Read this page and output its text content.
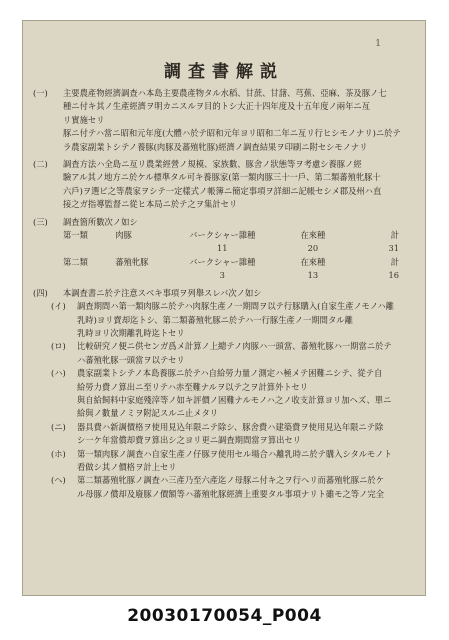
1
調査書解説
(一) 主要農產物經濟調查ハ本島主要農產物タル水稻、甘蔗、甘藷、芎蕉、亞麻、茶及豚ノ七
種ニ付キ其ノ生產經濟ヲ明カニスルヲ目的トシ大正十四年度及十五年度ノ兩年ニ亙
リ實施セリ
豚ニ付テハ當ニ昭和元年度(大體ハ於テ昭和元年ヨリ昭和二年ニ亙リ行ヒシモノナリ)ニ於テ
ラ農家副業トシテノ養豚(肉豚及蕃殖牝豚)經濟ノ調査結果ヲ印刷ニ附セシモノナリ
(二) 調査方法ハ全島ニ亙リ農業經營ノ規模、家族數、豚舍ノ狀態等ヲ考慮シ養豚ノ經
驗アル其ノ地方ニ於ケル標準タル可キ養豚家(第一類肉豚三十一戶、第二類蕃殖牝豚十
六戶)ヲ選ビ之等農家ヲシテ一定樣式ノ帳簿ニ簡定事項ヲ詳細ニ記帳セシメ郡及州ハ直
接之ガ指導監督ニ從ヒ本局ニ於テ之ヲ集計セリ
(三) 調査箇所數次ノ如シ
第一類	肉豚	バークシャー雜種	在來種	計
		11	20	31
第二類	蕃殖牝豚	バークシャー雜種	在來種	計
		3	13	16
(四) 本調査書ニ於テ注意スベキ事項ヲ列舉スレバ次ノ如シ
(イ) 調査期間ハ第一類肉豚ニ於テハ肉豚生產ノ一期間ヲ以テ行豚購入(自家生產ノモノハ離
乳時)ヨリ賣却迄トシ、第二類蕃殖牝豚ニ於テハ一行豚生產ノ一期間タル離
乳時ヨリ次期離乳時迄トセリ
(ロ) 比較研究ノ便ニ供センガ爲メ計算ノ上總テノ肉豚ハ一頭當、蕃殖牝豚ハ一期當ニ於テ
ハ蕃殖牝豚一頭當ヲ以テセリ
(ハ) 農家副業トシテノ本島養豚ニ於テハ自給勞力量ノ測定ハ極メテ困難ニシテ、從テ自
給勞力費ノ算出ニ至リテハ赤至難ナルヲ以テ之ヲ計算外トセリ
與自給飼料中家庭殘滓等ノ如キ評價ノ困難ナルモノハ之ノ收支計算ヨリ加ヘズ、單ニ
給與ノ數量ノミヲ附記スルニ止メタリ
(ニ) 器具費ハ新調價格ヲ使用見込年限ニテ除シ、豚舍費ハ建築費ヲ使用見込年限ニテ除
シ一ケ年當償却費ヲ算出シ之ヨリ更ニ調査期間當ヲ算出セリ
(ホ) 第一類肉豚ノ調査ハ自家生產ノ仔豚ヲ使用セル場合ハ離乳時ニ於テ購入シタルモノト
看做シ其ノ價格ヲ計上セリ
(ヘ) 第二類蕃殖牝豚ノ調査ハ三產乃至六產迄ノ母豚ニ付キ之ヲ行ヘリ而蕃殖牝豚ニ於ケ
ル母豚ノ償却及廢豚ノ價額等ハ蕃殖牝豚經濟上重要タル事項ナリト雖モ之等ノ完全
20030170054_P004
